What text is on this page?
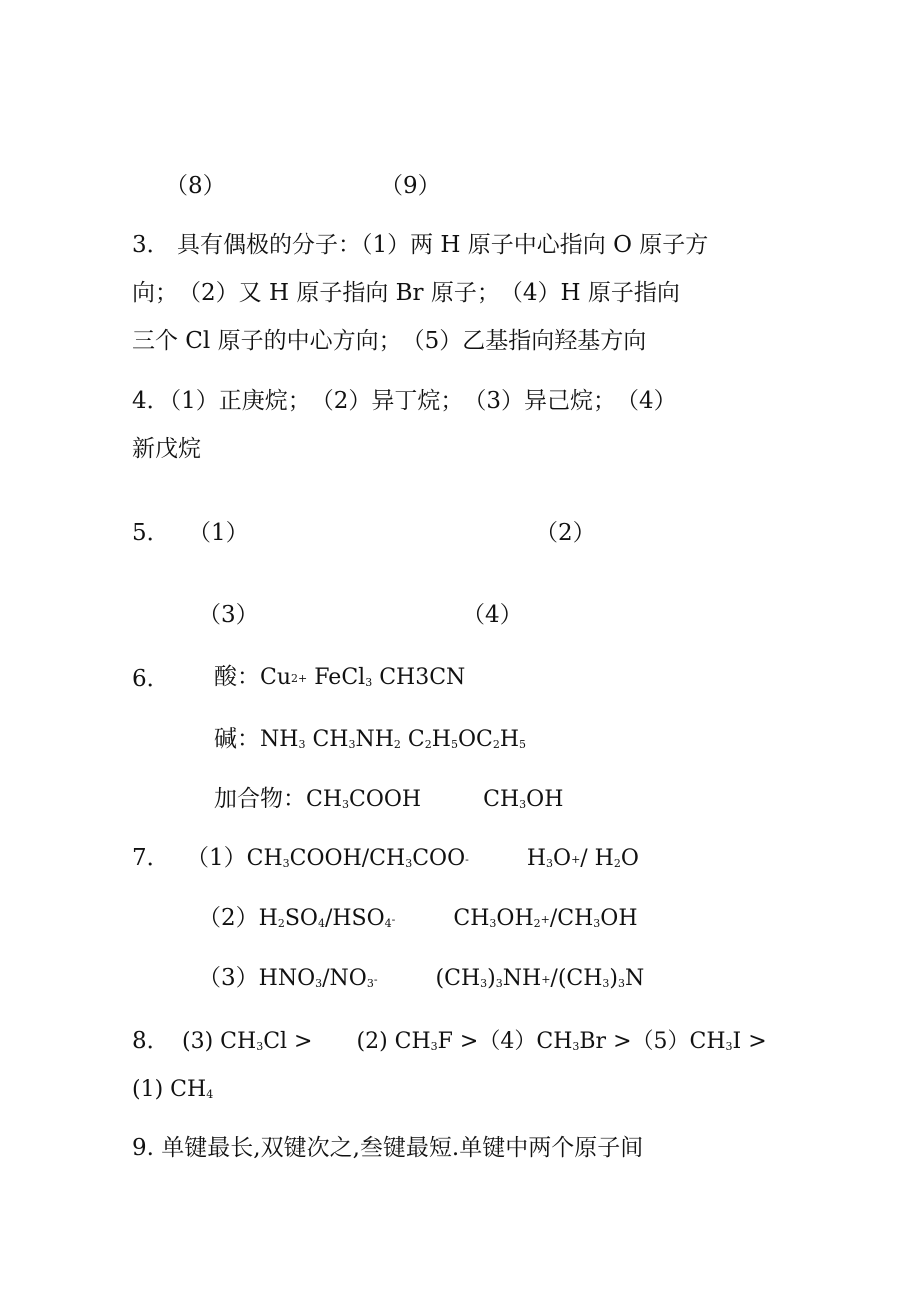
（8）	（9）
3． 具有偶极的分子：（1）两 H 原子中心指向 O 原子方
向；　（2）又 H 原子指向 Br 原子；　（4）H 原子指向
三个 Cl 原子的中心方向；　（5）乙基指向羟基方向
4．（1）正庚烷；　（2）异丁烷；　（3）异己烷；　（4）
新戊烷
5． （1）	（2）
（3）	（4）
6． 酸：$Cu^{2+}$ FeCl$_3$ CH3CN
碱：$NH_3$ $CH_3NH_2$ $C_2H_5OC_2H_5$
加合物：$CH_3COOH$	$CH_3OH$
7． $(1)CH_3COOH/CH_3COO^-$	$H_3O^+/$ $H_2O$
$(2)H_2SO_4/HSO_4^-$	$CH_3OH_2^+/CH_3OH$
$(3)HNO_3/NO_3^-$	$(CH_3)_3NH^+/(CH_3)_3N$
8． (3) $CH_3Cl > (2)$ $CH_3F >(4)CH_3Br >(5)CH_3I$ >
(1) $CH_4$
9. 单键最长,双键次之,叁键最短.单键中两个原子间
